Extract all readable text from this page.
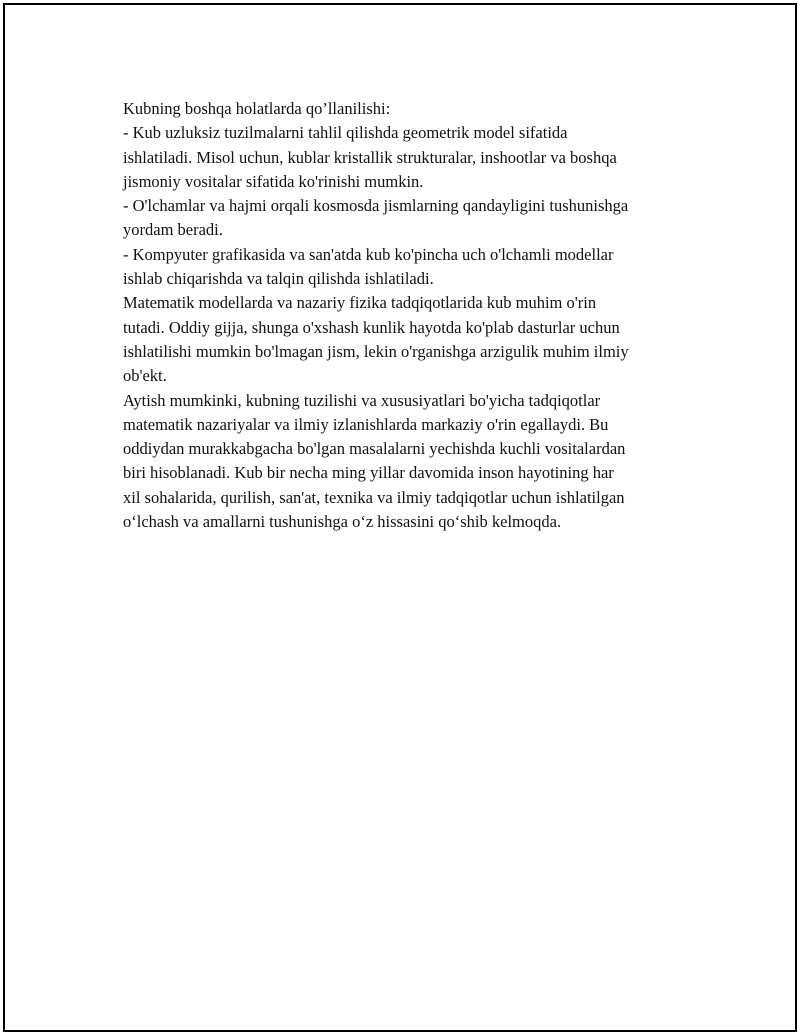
Kubning boshqa holatlarda qo’llanilishi:
- Kub uzluksiz tuzilmalarni tahlil qilishda geometrik model sifatida
ishlatiladi. Misol uchun, kublar kristallik strukturalar, inshootlar va boshqa
jismoniy vositalar sifatida ko'rinishi mumkin.
- O'lchamlar va hajmi orqali kosmosda jismlarning qandayligini tushunishga
yordam beradi.
- Kompyuter grafikasida va san'atda kub ko'pincha uch o'lchamli modellar
ishlab chiqarishda va talqin qilishda ishlatiladi.

Matematik modellarda va nazariy fizika tadqiqotlarida kub muhim o'rin
tutadi. Oddiy gijja, shunga o'xshash kunlik hayotda ko'plab dasturlar uchun
ishlatilishi mumkin bo'lmagan jism, lekin o'rganishga arzigulik muhim ilmiy
ob'ekt.

Aytish mumkinki, kubning tuzilishi va xususiyatlari bo'yicha tadqiqotlar
matematik nazariyalar va ilmiy izlanishlarda markaziy o'rin egallaydi. Bu
oddiydan murakkabgacha bo'lgan masalalarni yechishda kuchli vositalardan
biri hisoblanadi. Kub bir necha ming yillar davomida inson hayotining har
xil sohalarida, qurilish, san'at, texnika va ilmiy tadqiqotlar uchun ishlatilgan
o‘lchash va amallarni tushunishga o‘z hissasini qo‘shib kelmoqda.
